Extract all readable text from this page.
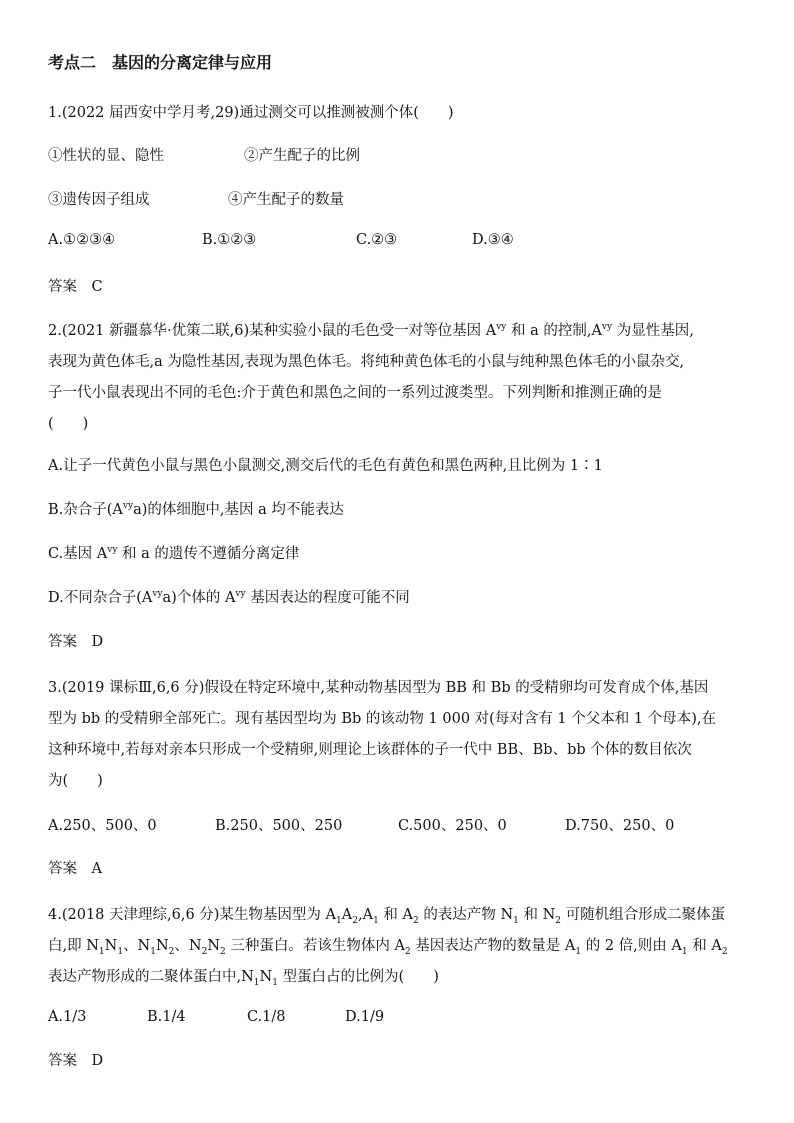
考点二　基因的分离定律与应用
1.(2022 届西安中学月考,29)通过测交可以推测被测个体(　　)
①性状的显、隐性	②产生配子的比例
③遗传因子组成	④产生配子的数量
A.①②③④	B.①②③	C.②③	D.③④
答案　C
2.(2021 新疆慕华·优策二联,6)某种实验小鼠的毛色受一对等位基因 $A^{vy}$ 和 a 的控制$,A^{vy}$ 为显性基因,
表现为黄色体毛,a 为隐性基因,表现为黑色体毛。将纯种黄色体毛的小鼠与纯种黑色体毛的小鼠杂交,
子一代小鼠表现出不同的毛色:介于黄色和黑色之间的一系列过渡类型。下列判断和推测正确的是
(　　)
A.让子一代黄色小鼠与黑色小鼠测交,测交后代的毛色有黄色和黑色两种,且比例为 1∶1
B.杂合子$(A^{vy}a)$的体细胞中,基因 a 均不能表达
C.基因 $A^{vy}$ 和 a 的遗传不遵循分离定律
D.不同杂合子$(A^{vy}a)$个体的 $A^{vy}$ 基因表达的程度可能不同
答案　D
3.(2019 课标Ⅲ,6,6 分)假设在特定环境中,某种动物基因型为 BB 和 Bb 的受精卵均可发育成个体,基因
型为 bb 的受精卵全部死亡。现有基因型均为 Bb 的该动物 1 000 对(每对含有 1 个父本和 1 个母本),在
这种环境中,若每对亲本只形成一个受精卵,则理论上该群体的子一代中 BB、Bb、bb 个体的数目依次
为(　　)
A.250、500、0	B.250、500、250	C.500、250、0	D.750、250、0
答案　A
4.(2018 天津理综,6,6 分)某生物基因型为 $A_1A_2,A_1$ 和 $A_2$ 的表达产物 $N_1$ 和 $N_2$ 可随机组合形成二聚体蛋
白,即 $N_1N_1$、$N_1N_2$、$N_2N_2$ 三种蛋白。若该生物体内 $A_2$ 基因表达产物的数量是 $A_1$ 的 2 倍,则由 $A_1$ 和 $A_2$
表达产物形成的二聚体蛋白中$,N_1N_1$ 型蛋白占的比例为(　　)
A.1/3	B.1/4	C.1/8	D.1/9
答案　D
